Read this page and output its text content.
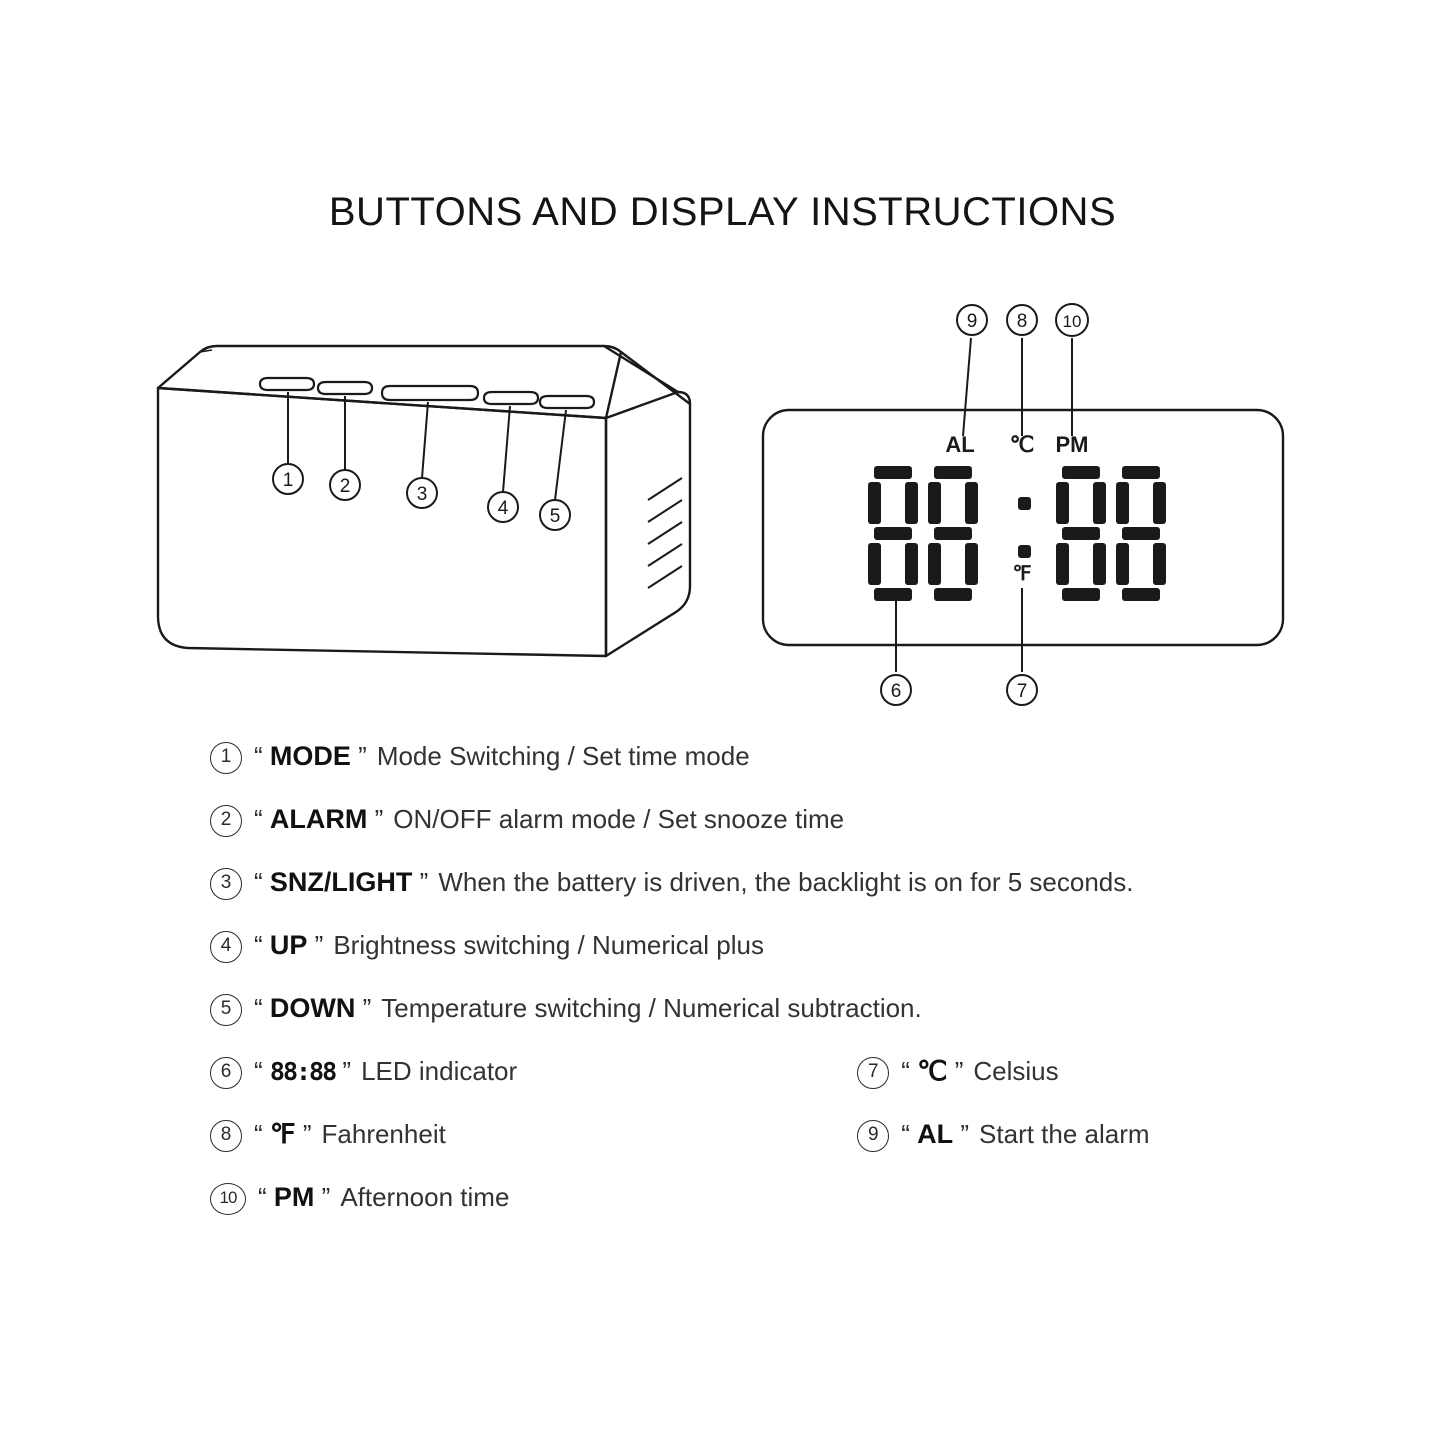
BUTTONS AND DISPLAY INSTRUCTIONS
1 2	3
4 5
AL ℃ PM
℉
9 8 10
6	7
1 “ MODE ” Mode Switching / Set time mode
2 “ ALARM ” ON/OFF alarm mode / Set snooze time
3 “ SNZ/LIGHT ” When the battery is driven, the backlight is on for 5 seconds.
4 “ UP ” Brightness switching / Numerical plus
5 “ DOWN ” Temperature switching / Numerical subtraction.
6 “ 88:88 ” LED indicator
	7 “ ℃ ” Celsius
8 “ ℉ ” Fahrenheit
	9 “ AL ” Start the alarm
10 “ PM ” Afternoon time
